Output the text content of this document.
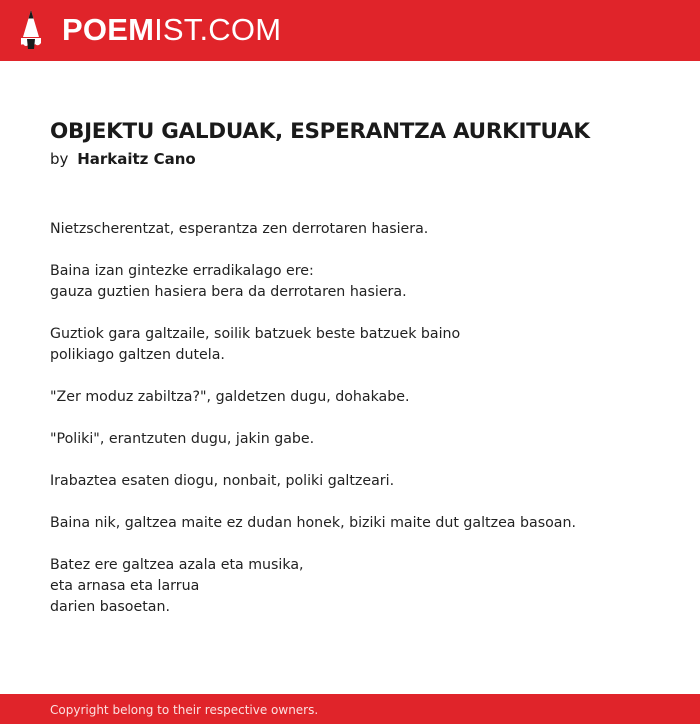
POEMIST.COM
OBJEKTU GALDUAK, ESPERANTZA AURKITUAK
by Harkaitz Cano
Nietzscherentzat, esperantza zen derrotaren hasiera.
Baina izan gintezke erradikalago ere:
gauza guztien hasiera bera da derrotaren hasiera.
Guztiok gara galtzaile, soilik batzuek beste batzuek baino
polikiago galtzen dutela.
"Zer moduz zabiltza?", galdetzen dugu, dohakabe.
"Poliki", erantzuten dugu, jakin gabe.
Irabaztea esaten diogu, nonbait, poliki galtzeari.
Baina nik, galtzea maite ez dudan honek, biziki maite dut galtzea basoan.
Batez ere galtzea azala eta musika,
eta arnasa eta larrua
darien basoetan.
Copyright belong to their respective owners.
